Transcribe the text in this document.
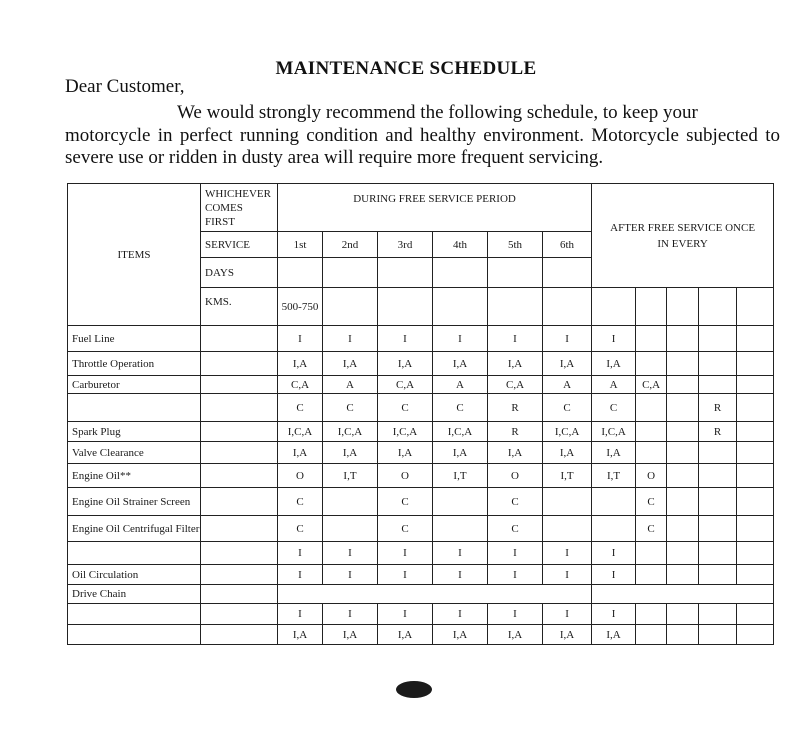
MAINTENANCE SCHEDULE
Dear Customer,
We would strongly recommend the following schedule, to keep your
motorcycle in perfect running condition and healthy environment. Motorcycle subjected to severe use or ridden in dusty area will require more frequent servicing.
ITEMS	WHICHEVER COMES FIRST	DURING FREE SERVICE PERIOD						AFTER FREE SERVICE ONCE IN EVERY				
	SERVICE	1st	2nd	3rd	4th	5th	6th					
	DAYS											
	KMS.	500-750										
Fuel Line		I	I	I	I	I	I	I				
Throttle Operation		I,A	I,A	I,A	I,A	I,A	I,A	I,A				
Carburetor		C,A	A	C,A	A	C,A	A	A	C,A			
		C	C	C	C	R	C	C			R	
Spark Plug		I,C,A	I,C,A	I,C,A	I,C,A	R	I,C,A	I,C,A			R	
Valve Clearance		I,A	I,A	I,A	I,A	I,A	I,A	I,A				
Engine Oil**		O	I,T	O	I,T	O	I,T	I,T	O			
Engine Oil Strainer Screen		C		C		C			C			
Engine Oil Centrifugal Filter		C		C		C			C			
		I	I	I	I	I	I	I				
Oil Circulation		I	I	I	I	I	I	I				
Drive Chain												
		I	I	I	I	I	I	I				
		I,A	I,A	I,A	I,A	I,A	I,A	I,A				
